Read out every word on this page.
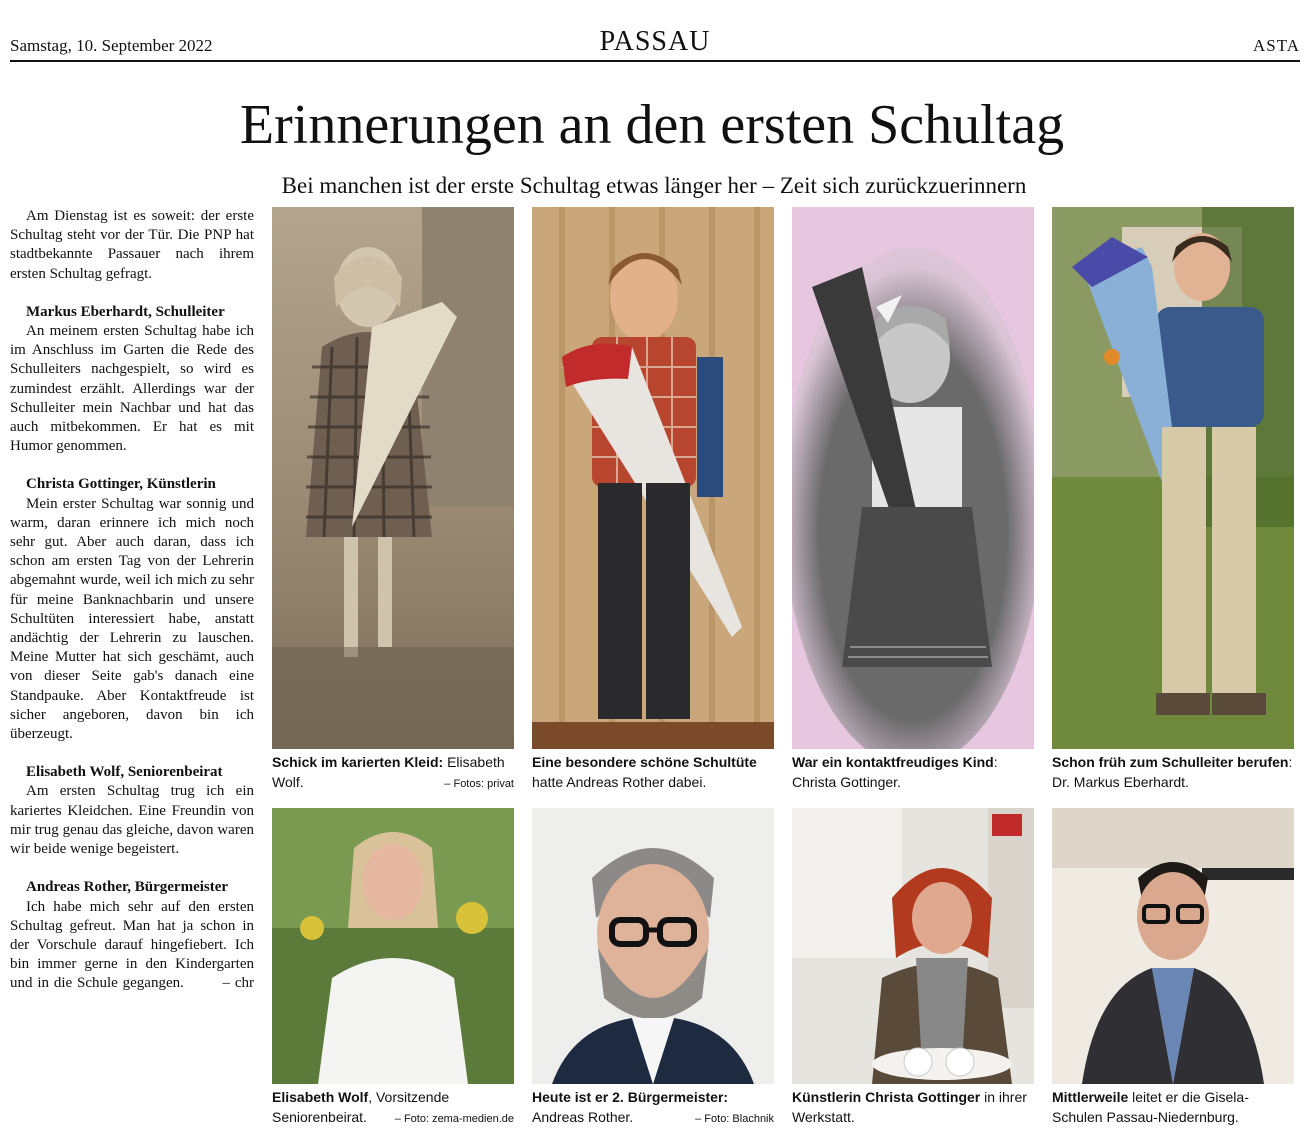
Samstag, 10. September 2022	PASSAU	ASTA
Erinnerungen an den ersten Schultag
Bei manchen ist der erste Schultag etwas länger her – Zeit sich zurückzuerinnern

Am Dienstag ist es soweit: der erste Schultag steht vor der Tür. Die PNP hat stadtbekannte Passauer nach ihrem ersten Schultag gefragt.

Markus Eberhardt, Schulleiter

An meinem ersten Schultag habe ich im Anschluss im Garten die Rede des Schulleiters nachgespielt, so wird es zumindest erzählt. Allerdings war der Schulleiter mein Nachbar und hat das auch mitbekommen. Er hat es mit Humor genommen.

Christa Gottinger, Künstlerin

Mein erster Schultag war sonnig und warm, daran erinnere ich mich noch sehr gut. Aber auch daran, dass ich schon am ersten Tag von der Lehrerin abgemahnt wurde, weil ich mich zu sehr für meine Banknachbarin und unsere Schultüten interessiert habe, anstatt andächtig der Lehrerin zu lauschen. Meine Mutter hat sich geschämt, auch von dieser Seite gab's danach eine Standpauke. Aber Kontaktfreude ist sicher angeboren, davon bin ich überzeugt.

Elisabeth Wolf, Seniorenbeirat

Am ersten Schultag trug ich ein kariertes Kleidchen. Eine Freundin von mir trug genau das gleiche, davon waren wir beide wenige begeistert.

Andreas Rother, Bürgermeister

Ich habe mich sehr auf den ersten Schultag gefreut. Man hat ja schon in der Vorschule darauf hingefiebert. Ich bin immer gerne in den Kindergarten und in die Schule gegangen.	– chr

Schick im karierten Kleid: Elisabeth Wolf.	– Fotos: privat
Eine besondere schöne Schultüte hatte Andreas Rother dabei.
War ein kontaktfreudiges Kind: Christa Gottinger.
Schon früh zum Schulleiter berufen: Dr. Markus Eberhardt.
Elisabeth Wolf, Vorsitzende Seniorenbeirat.	– Foto: zema-medien.de
Heute ist er 2. Bürgermeister: Andreas Rother.	– Foto: Blachnik
Künstlerin Christa Gottinger in ihrer Werkstatt.
Mittlerweile leitet er die Gisela-Schulen Passau-Niedernburg.
